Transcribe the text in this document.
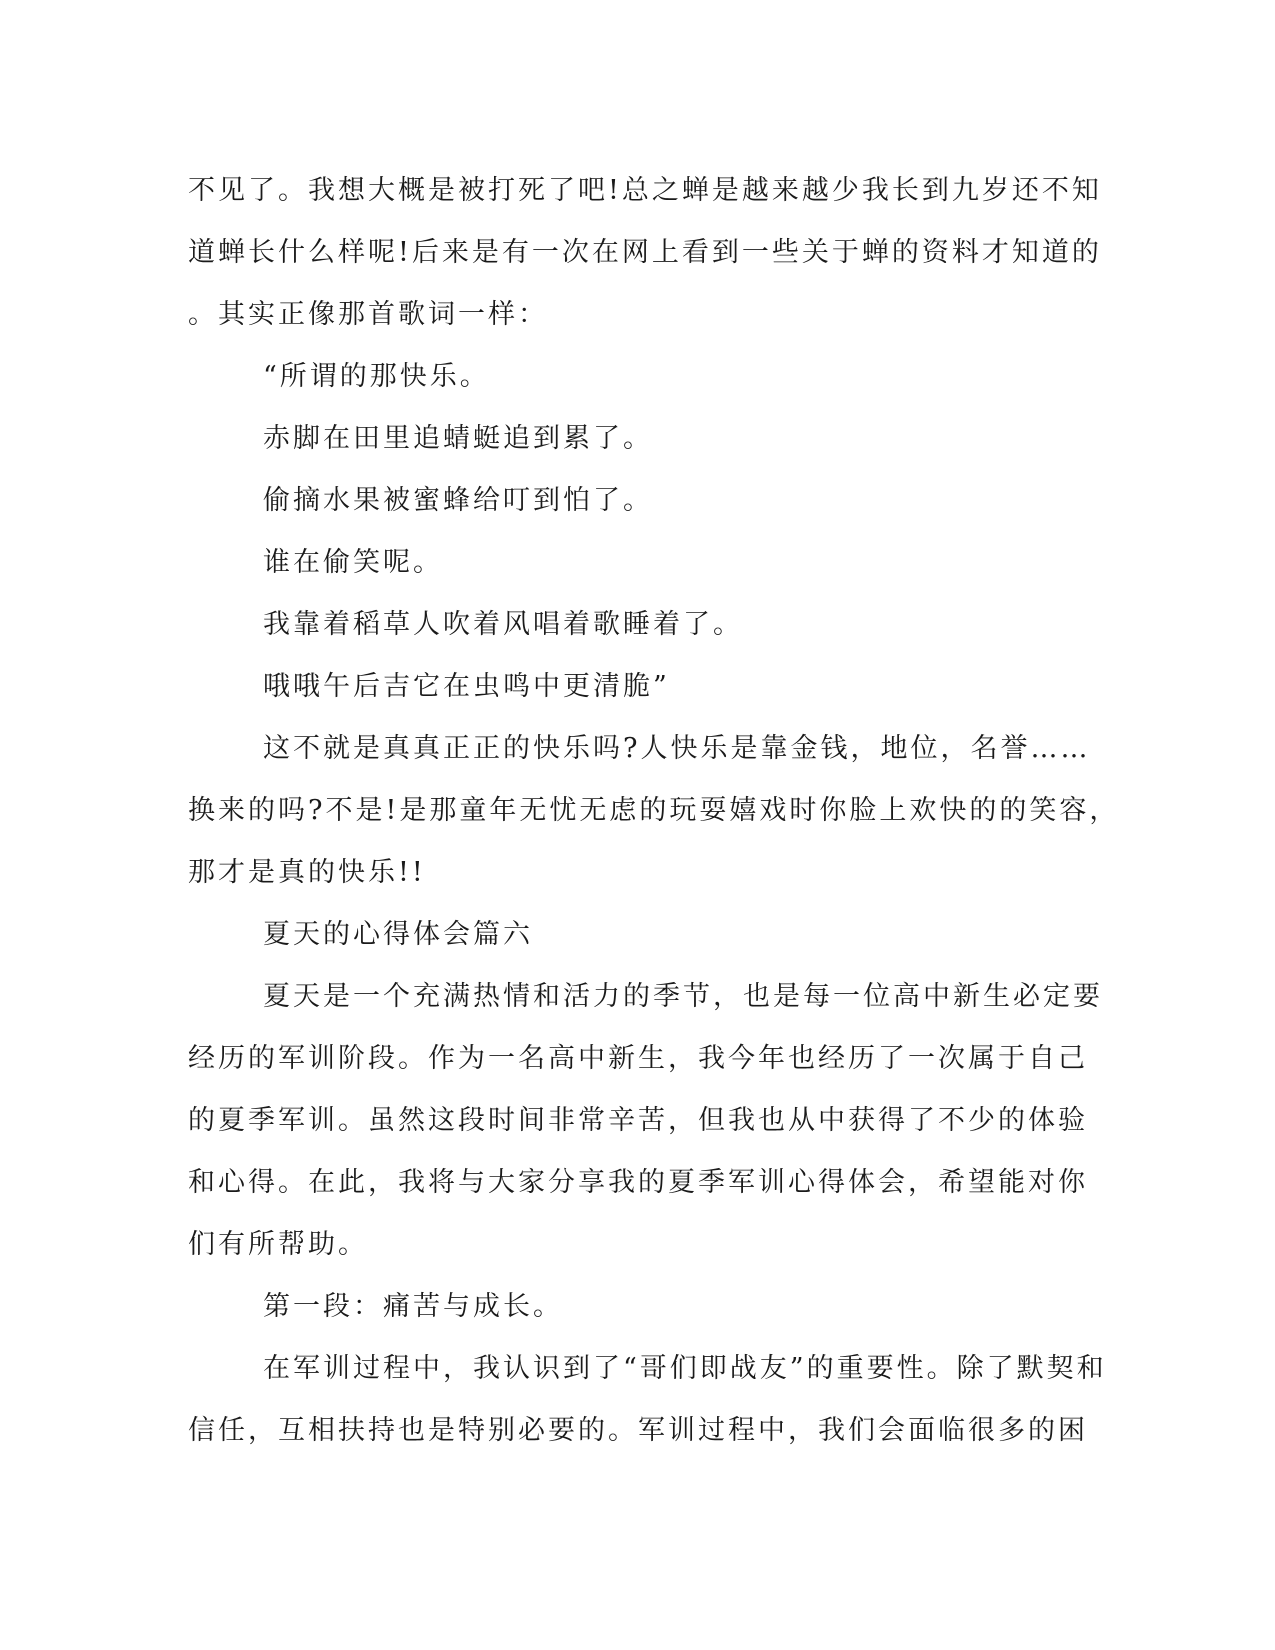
不见了。我想大概是被打死了吧!总之蝉是越来越少我长到九岁还不知
道蝉长什么样呢!后来是有一次在网上看到一些关于蝉的资料才知道的
。其实正像那首歌词一样：
“所谓的那快乐。
赤脚在田里追蜻蜓追到累了。
偷摘水果被蜜蜂给叮到怕了。
谁在偷笑呢。
我靠着稻草人吹着风唱着歌睡着了。
哦哦午后吉它在虫鸣中更清脆”
这不就是真真正正的快乐吗?人快乐是靠金钱，地位，名誉……
换来的吗?不是!是那童年无忧无虑的玩耍嬉戏时你脸上欢快的的笑容，
那才是真的快乐!!
夏天的心得体会篇六
夏天是一个充满热情和活力的季节，也是每一位高中新生必定要
经历的军训阶段。作为一名高中新生，我今年也经历了一次属于自己
的夏季军训。虽然这段时间非常辛苦，但我也从中获得了不少的体验
和心得。在此，我将与大家分享我的夏季军训心得体会，希望能对你
们有所帮助。
第一段：痛苦与成长。
在军训过程中，我认识到了“哥们即战友”的重要性。除了默契和
信任，互相扶持也是特别必要的。军训过程中，我们会面临很多的困
